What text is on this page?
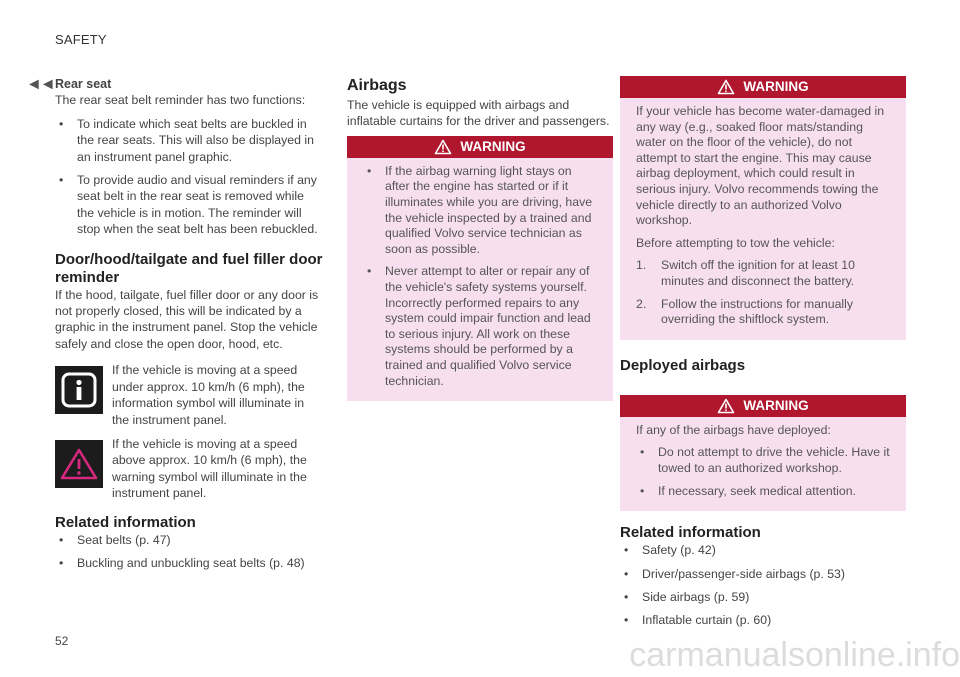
SAFETY
◄◄ Rear seat

The rear seat belt reminder has two functions:

• To indicate which seat belts are buckled in the rear seats. This will also be displayed in an instrument panel graphic.
• To provide audio and visual reminders if any seat belt in the rear seat is removed while the vehicle is in motion. The reminder will stop when the seat belt has been rebuckled.
Door/hood/tailgate and fuel filler door reminder

If the hood, tailgate, fuel filler door or any door is not properly closed, this will be indicated by a graphic in the instrument panel. Stop the vehicle safely and close the open door, hood, etc.

If the vehicle is moving at a speed under approx. 10 km/h (6 mph), the information symbol will illuminate in the instrument panel.

If the vehicle is moving at a speed above approx. 10 km/h (6 mph), the warning symbol will illuminate in the instrument panel.

Related information
• Seat belts (p. 47)
• Buckling and unbuckling seat belts (p. 48)
Airbags

The vehicle is equipped with airbags and inflatable curtains for the driver and passengers.

WARNING
• If the airbag warning light stays on after the engine has started or if it illuminates while you are driving, have the vehicle inspected by a trained and qualified Volvo service technician as soon as possible.
• Never attempt to alter or repair any of the vehicle's safety systems yourself. Incorrectly performed repairs to any system could impair function and lead to serious injury. All work on these systems should be performed by a trained and qualified Volvo service technician.
WARNING

If your vehicle has become water-damaged in any way (e.g., soaked floor mats/standing water on the floor of the vehicle), do not attempt to start the engine. This may cause airbag deployment, which could result in serious injury. Volvo recommends towing the vehicle directly to an authorized Volvo workshop.

Before attempting to tow the vehicle:

1. Switch off the ignition for at least 10 minutes and disconnect the battery.
2. Follow the instructions for manually overriding the shiftlock system.
Deployed airbags
WARNING

If any of the airbags have deployed:

• Do not attempt to drive the vehicle. Have it towed to an authorized workshop.
• If necessary, seek medical attention.
Related information
• Safety (p. 42)
• Driver/passenger-side airbags (p. 53)
• Side airbags (p. 59)
• Inflatable curtain (p. 60)
52	carmanualsonline.info
